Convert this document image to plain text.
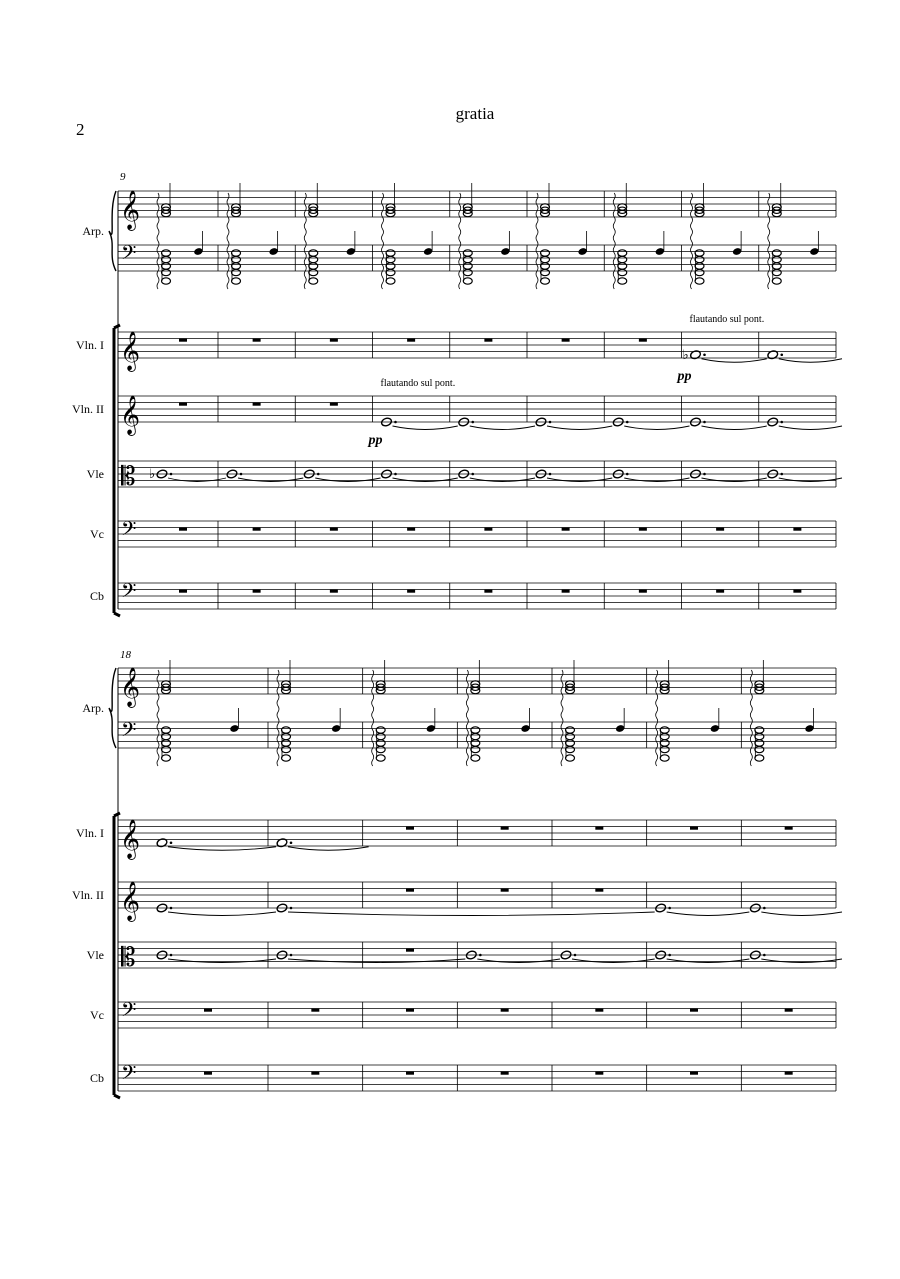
2
gratia
9
𝄞
𝄢
𝄞
𝄞
𝄡
𝄢
𝄢
Arp.
Vln. I
Vln. II
Vle
Vc
Cb
♭
♭
flautando sul pont.
pp
flautando sul pont.
pp
18
𝄞
𝄢
𝄞
𝄞
𝄡
𝄢
𝄢
Arp.
Vln. I
Vln. II
Vle
Vc
Cb
